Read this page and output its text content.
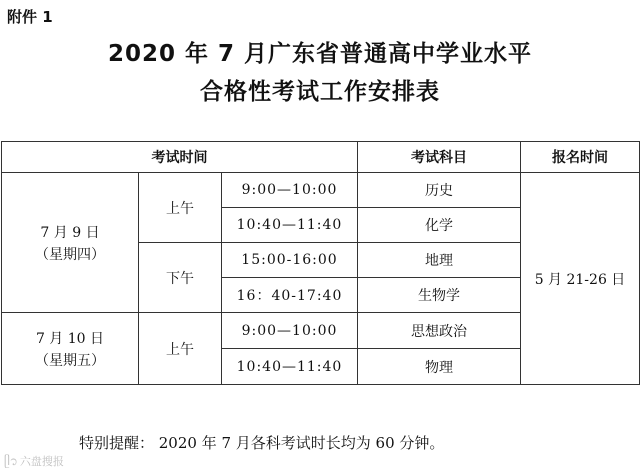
附件 1
2020 年 7 月广东省普通高中学业水平
合格性考试工作安排表
考试时间			考试科目	报名时间

7 月 9 日
（星期四）	上午	9:00—10:00	历史	5 月 21-26 日
		10:40—11:40	化学	
	下午	15:00-16:00	地理	
		16：40-17:40	生物学	

7 月 10 日
（星期五）	上午	9:00—10:00	思想政治	
		10:40—11:40	物理	
特别提醒： 2020 年 7 月各科考试时长均为 60 分钟。
ᥫ᭡ 六盘搜报
